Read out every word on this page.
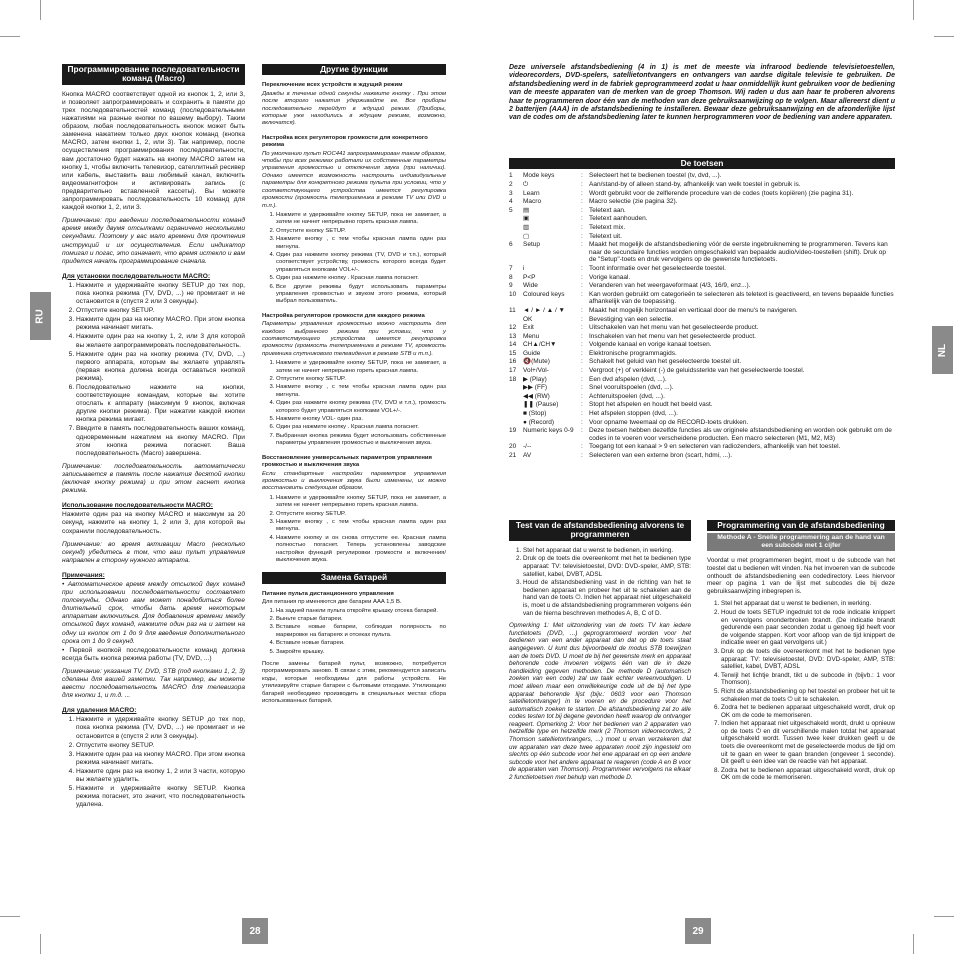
RU
Программирование последовательности команд (Macro)

Кнопка MACRO соответствует одной из кнопок 1, 2, или 3, и позволяет запрограммировать и сохранить в памяти до трех последовательностей команд (последовательными нажатиями на разные кнопки по вашему выбору). Таким образом, любая последовательность кнопок может быть заменена нажатием только двух кнопок команд (кнопка MACRO, затем кнопки 1, 2, или 3). Так например, после осуществления программирования последовательности, вам достаточно будет нажать на кнопку MACRO затем на кнопку 1, чтобы включить телевизор, сателлитный ресивер или кабель, выставить ваш любимый канал, включить видеомагнитофон и активировать запись (с предварительно вставленной кассеты). Вы можете запрограммировать последовательность 10 команд для каждой кнопки 1, 2, или 3.

Примечание: при введении последовательности команд время между двумя отсылками ограничено несколькими секундами. Поэтому у вас мало времени для прочтения инструкций и их осуществления. Если индикатор помигал и погас, это означает, что время истекло и вам придется начать программирование сначала.

Для установки последовательности MACRO:
1. Нажмите и удерживайте кнопку SETUP до тех пор, пока кнопка режима (TV, DVD, ...) не промигает и не остановится в (спустя 2 или 3 секунды).
2. Отпустите кнопку SETUP.
3. Нажмите один раз на кнопку MACRO. При этом кнопка режима начинает мигать.
4. Нажмите один раз на кнопку 1, 2, или 3 для которой вы желаете запрограммировать последовательность.
5. Нажмите один раз на кнопку режима (TV, DVD, ...) первого аппарата, которым вы желаете управлять (первая кнопка должна всегда оставаться кнопкой режима).
6. Последовательно нажмите на кнопки, соответствующие командам, которые вы хотите отослать к аппарату (максимум 9 кнопок, включая другие кнопки режима). При нажатии каждой кнопки кнопка режима мигает.
7. Введите в память последовательность ваших команд, одновременным нажатием на кнопку MACRO. При этом кнопка режима погаснет. Ваша последовательность (Macro) завершена.

Примечание: последовательность автоматически записывается в память после нажатия десятой кнопки (включая кнопку режима) и при этом гаснет кнопка режима.

Использование последовательности MACRO:

Нажмите один раз на кнопку MACRO и максимум за 20 секунд, нажмите на кнопку 1, 2 или 3, для которой вы сохранили последовательность.

Примечание: во время активации Macro (несколько секунд) убедитесь в том, что ваш пульт управления направлен в сторону нужного аппарата.

Примечания:

• Автоматическое время между отсылкой двух команд при использовании последовательности составляет полсекунды. Однако вам может понадобиться более длительный срок, чтобы дать время некоторым аппаратам включиться. Для добавления времени между отсылкой двух команд, нажмите один раз на и затем на одну из кнопок от 1 до 9 для введения дополнительного срока от 1 до 9 секунд.

• Первой кнопкой последовательности команд должна всегда быть кнопка режима работы (TV, DVD, ...)

Примечание: указания TV, DVD, STB (под кнопками 1, 2, 3) сделаны для вашей заметки. Так например, вы можете ввести последовательность MACRO для телевизора для кнопки 1, и т.д. ...

Для удаления MACRO:
1. Нажмите и удерживайте кнопку SETUP до тех пор, пока кнопка режима (TV, DVD, ...) не промигает и не остановится в (спустя 2 или 3 секунды).
2. Отпустите кнопку SETUP.
3. Нажмите один раз на кнопку MACRO. При этом кнопка режима начинает мигать.
4. Нажмите один раз на кнопку 1, 2 или 3 части, которую вы желаете удалить.
5. Нажмите и удерживайте кнопку SETUP. Кнопка режима погаснет, это значит, что последовательность удалена.
Другие функции
Переключение всех устройств в ждущий режим

Дважды в течение одной секунды нажмите кнопку . При этом после второго нажатия удерживайте ее. Все приборы последовательно перейдут в ждущий режим. (Приборы, которые уже находились в ждущем режиме, возможно, включатся).

Настройка всех регуляторов громкости для конкретного режима

По умолчанию пульт ROC441 запрограммирован таким образом, чтобы при всех режимах работали их собственные параметры управления громкостью и отключения звука (при наличии). Однако имеется возможность настроить индивидуальные параметры для конкретного режима пульта при условии, что у соответствующего устройства имеется регулировка громкости (громкость телеприемника в режиме TV или DVD и т.п.).

1. Нажмите и удерживайте кнопку SETUP, пока не замигает, а затем не начнет непрерывно гореть красная лампа.
2. Отпустите кнопку SETUP.
3. Нажмите кнопку , с тем чтобы красная лампа один раз мигнула.
4. Один раз нажмите кнопку режима (TV, DVD и т.п.), который соответствует устройству, громкость которого всегда будет управляться кнопками VOL+/-.
5. Один раз нажмите кнопку . Красная лампа погаснет.
6. Все другие режимы будут использовать параметры управления громкостью и звуком этого режима, который выбрал пользователь.
Настройка регуляторов громкости для каждого режима

Параметры управления громкостью можно настроить для каждого выбранного режима при условии, что у соответствующего устройства имеется регулировка громкости (громкость телеприемника в режиме TV, громкость приемника спутникового телевидения в режиме STB и т.п.).

1. Нажмите и удерживайте кнопку SETUP, пока не замигает, а затем не начнет непрерывно гореть красная лампа.
2. Отпустите кнопку SETUP.
3. Нажмите кнопку , с тем чтобы красная лампа один раз мигнула.
4. Один раз нажмите кнопку режима (TV, DVD и т.п.), громкость которого будет управляться кнопками VOL+/-.
5. Нажмите кнопку VOL- один раз.
6. Один раз нажмите кнопку . Красная лампа погаснет.
7. Выбранная кнопка режима будет использовать собственные параметры управления громкостью и выключения звука.
Восстановление универсальных параметров управления громкостью и выключения звука

Если стандартные настройки параметров управления громкостью и выключения звука были изменены, их можно восстановить следующим образом.

1. Нажмите и удерживайте кнопку SETUP, пока не замигает, а затем не начнет непрерывно гореть красная лампа.
2. Отпустите кнопку SETUP.
3. Нажмите кнопку , с тем чтобы красная лампа один раз мигнула.
4. Нажмите кнопку и он снова отпустите ее. Красная лампа полностью погаснет. Теперь установлены заводские настройки функций регулировки громкости и включения/выключения звука.
Замена батарей
Питание пульта дистанционного управления

Для питания пр именяются две батареи AAA 1,5 В.

1. На задней панели пульта откройте крышку отсека батарей.
2. Выньте старые батареи.
3. Вставьте новые батареи, соблюдая полярность по маркировке на батареях и отсеках пульта.
4. Вставьте новые батареи.
5. Закройте крышку.

После замены батарей пульт, возможно, потребуется программировать заново. В связи с этим, рекомендуется записать коды, которые необходимы для работы устройств. Не утилизируйте старые батареи с бытовыми отходами. Утилизацию батарей необходимо производить в специальных местах сбора использованных батарей.

28
NL

Deze universele afstandsbediening (4 in 1) is met de meeste via infrarood bediende televisietoestellen, videorecorders, DVD-spelers, satellietontvangers en ontvangers van aardse digitale televisie te gebruiken. De afstandsbediening werd in de fabriek geprogrammeerd zodat u haar onmiddellijk kunt gebruiken voor de bediening van de meeste apparaten van de merken van de groep Thomson. Wij raden u dus aan haar te proberen alvorens haar te programmeren door één van de methoden van deze gebruiksaanwijzing op te volgen. Maar allereerst dient u 2 batterijen (AAA) in de afstandsbediening te installeren. Bewaar deze gebruiksaanwijzing en de afzonderlijke lijst van de codes om de afstandsbediening later te kunnen herprogrammeren voor de bediening van andere apparaten.

De toetsen
1	Mode keys	:	Selecteert het te bedienen toestel (tv, dvd, ...).
2	⏻	:	Aan/stand-by of alleen stand-by, afhankelijk van welk toestel in gebruik is.
3	Learn	:	Wordt gebruikt voor de zelflerende procedure van de codes (toets kopiëren) (zie pagina 31).
4	Macro	:	Macro selectie (zie pagina 32).
5	▤	:	Teletext aan.
	▣	:	Teletext aanhouden.
	▥	:	Teletext mix.
	▢	:	Teletext uit.
6	Setup	:	Maakt het mogelijk de afstandsbediening vóór de eerste ingebruikneming te programmeren. Tevens kan naar de secundaire functies worden omgeschakeld van bepaalde audio/video-toestellen (shift). Druk op de "Setup"-toets en druk vervolgens op de gewenste functietoets.
7	i	:	Toont informatie over het geselecteerde toestel.
8	P<P	:	Vorige kanaal.
9	Wide	:	Veranderen van het weergaveformaat (4/3, 16/9, enz...).
10	Coloured keys	:	Kan worden gebruikt om categorieën te selecteren als teletext is geactiveerd, en tevens bepaalde functies afhankelijk van de toepassing.
11	◄ / ► / ▲ / ▼	:	Maakt het mogelijk horizontaal en verticaal door de menu's te navigeren.
	OK	:	Bevestiging van een selectie.
12	Exit	:	Uitschakelen van het menu van het geselecteerde product.
13	Menu	:	Inschakelen van het menu van het geselecteerde product.
14	CH▲/CH▼	:	Volgende kanaal en vorige kanaal toetsen.
15	Guide	:	Elektronische programmagids.
16	🔇(Mute)	:	Schakelt het geluid van het geselecteerde toestel uit.
17	Vol+/Vol-	:	Vergroot (+) of verkleint (-) de geluidssterkte van het geselecteerde toestel.
18	▶ (Play)	:	Een dvd afspelen (dvd, ...).
	▶▶ (FF)	:	Snel vooruitspoelen (dvd, ...).
	◀◀ (RW)	:	Achteruitspoelen (dvd, ...).
	❚❚ (Pause)	:	Stopt het afspelen en houdt het beeld vast.
	■ (Stop)	:	Het afspelen stoppen (dvd, ...).
	● (Record)	:	Voor opname tweemaal op de RECORD-toets drukken.
19	Numeric keys 0-9	:	Deze toetsen hebben dezelfde functies als uw originele afstandsbediening en worden ook gebruikt om de codes in te voeren voor verscheidene producten. Een macro selecteren (M1, M2, M3)
20	-/--	:	Toegang tot een kanaal > 9 en selecteren van radiozenders, afhankelijk van het toestel.
21	AV	:	Selecteren van een externe bron (scart, hdmi, ...).
Test van de afstandsbediening alvorens te programmeren
1. Stel het apparaat dat u wenst te bedienen, in werking.
2. Druk op de toets die overeenkomt met het te bedienen type apparaat: TV: televisietoestel, DVD: DVD-speler, AMP, STB: satelliet, kabel, DVBT, ADSL
3. Houd de afstandsbediening vast in de richting van het te bedienen apparaat en probeer het uit te schakelen aan de hand van de toets ⏻. Indien het apparaat niet uitgeschakeld is, moet u de afstandsbediening programmeren volgens één van de hierna beschreven methodes A, B, C of D.

Opmerking 1: Met uitzondering van de toets TV kan iedere functietoets (DVD, ...) geprogrammeerd worden voor het bedienen van een ander apparaat dan dat op de toets staat aangegeven. U kunt dus bijvoorbeeld de modus STB toewijzen aan de toets DVD. U moet de bij het gewenste merk en apparaat behorende code invoeren volgens één van de in deze handleiding gegeven methoden. De methode D (automatisch zoeken van een code) zal uw taak echter vereenvoudigen. U moet alleen maar een onwillekeurige code uit de bij het type apparaat behorende lijst (bijv.: 0603 voor een Thomson satellietontvanger) in te voeren en de procedure voor het automatisch zoeken te starten. De afstandsbediening zal zo alle codes testen tot bij degene gevonden heeft waarop de ontvanger reageert. Opmerking 2: Voor het bedienen van 2 apparaten van hetzelfde type en hetzelfde merk (2 Thomson videorecorders, 2 Thomson satellietontvangers, ...) moet u ervan verzekeren dat uw apparaten van deze twee apparaten nooit zijn ingesteld om slechts op één subcode voor het ene apparaat en op een andere subcode voor het andere apparaat te reageren (code A en B voor de apparaten van Thomson). Programmeer vervolgens na elkaar 2 functietoetsen met behulp van methode D.

Programmering van de afstandsbediening
Methode A - Snelle programmering aan de hand van een subcode met 1 cijfer

Voordat u met programmeren begint, moet u de subcode van het toestel dat u bedienen wilt vinden. Na het invoeren van de subcode onthoudt de afstandsbediening een codedirectory. Lees hiervoor meer op pagina 1 van de lijst met subcodes die bij deze gebruiksaanwijzing inbegrepen is.

1. Stel het apparaat dat u wenst te bedienen, in werking.
2. Houd de toets SETUP ingedrukt tot de rode indicatie knippert en vervolgens ononderbroken brandt. (De indicatie brandt gedurende een paar seconden zodat u genoeg tijd heeft voor de volgende stappen. Kort voor afloop van de tijd knippert de indicatie weer en gaat vervolgens uit.)
3. Druk op de toets die overeenkomt met het te bedienen type apparaat: TV: televisietoestel, DVD: DVD-speler, AMP, STB: satelliet, kabel, DVBT, ADSL
4. Terwijl het lichtje brandt, tikt u de subcode in (bijvb.: 1 voor Thomson).
5. Richt de afstandsbediening op het toestel en probeer het uit te schakelen met de toets ⏻ uit te schakelen.
6. Zodra het te bedienen apparaat uitgeschakeld wordt, druk op OK om de code te memoriseren.
7. Indien het apparaat niet uitgeschakeld wordt, drukt u opnieuw op de toets ⏻ en dit verschillende malen totdat het apparaat uitgeschakeld wordt. Tussen twee keer drukken geeft u de toets die overeenkomt met de geselecteerde modus de tijd om uit te gaan en weer te gaan branden (ongeveer 1 seconde). Dit geeft u een idee van de reactie van het apparaat.
8. Zodra het te bedienen apparaat uitgeschakeld wordt, druk op OK om de code te memoriseren.
29
